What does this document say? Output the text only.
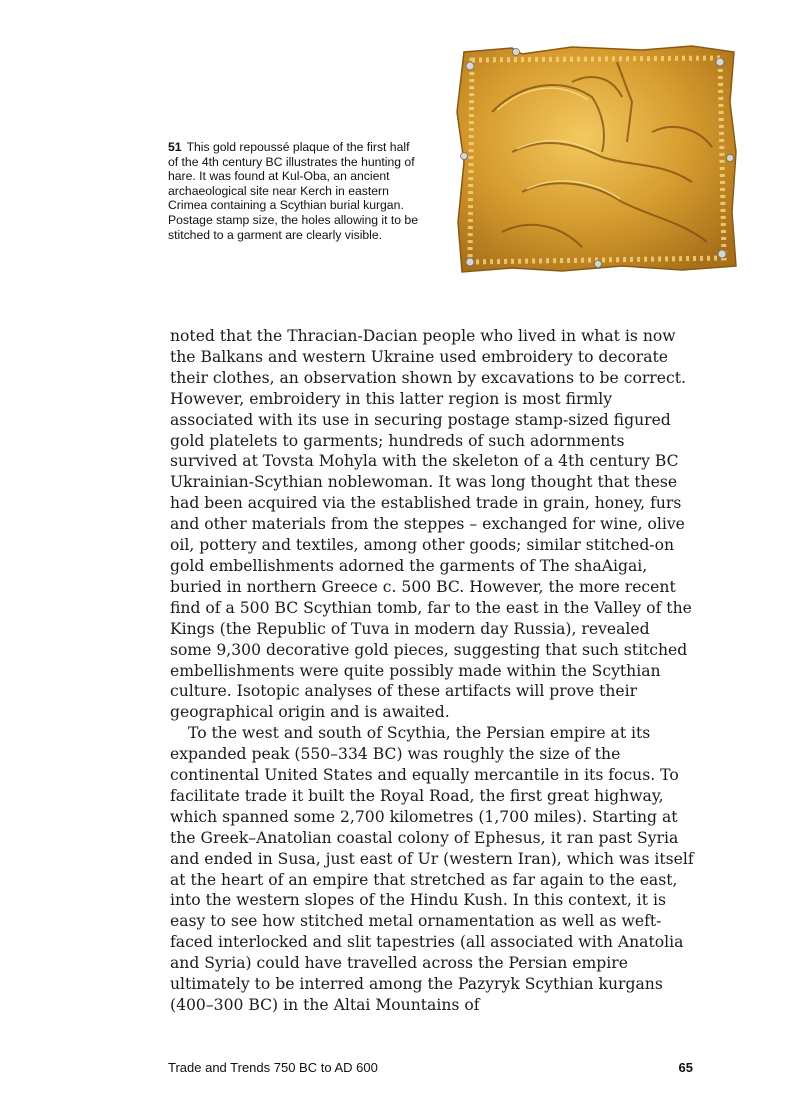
51 This gold repoussé plaque of the first half of the 4th century BC illustrates the hunting of hare. It was found at Kul-Oba, an ancient archaeological site near Kerch in eastern Crimea containing a Scythian burial kurgan. Postage stamp size, the holes allowing it to be stitched to a garment are clearly visible.

noted that the Thracian-Dacian people who lived in what is now the Balkans and western Ukraine used embroidery to decorate their clothes, an observation shown by excavations to be correct. However, embroidery in this latter region is most firmly associated with its use in securing postage stamp-sized figured gold platelets to garments; hundreds of such adornments survived at Tovsta Mohyla with the skeleton of a 4th century BC Ukrainian-Scythian noblewoman. It was long thought that these had been acquired via the established trade in grain, honey, furs and other materials from the steppes – exchanged for wine, olive oil, pottery and textiles, among other goods; similar stitched-on gold embellishments adorned the garments of The shaAigai, buried in northern Greece c. 500 BC. However, the more recent find of a 500 BC Scythian tomb, far to the east in the Valley of the Kings (the Republic of Tuva in modern day Russia), revealed some 9,300 decorative gold pieces, suggesting that such stitched embellishments were quite possibly made within the Scythian culture. Isotopic analyses of these artifacts will prove their geographical origin and is awaited.

To the west and south of Scythia, the Persian empire at its expanded peak (550–334 BC) was roughly the size of the continental United States and equally mercantile in its focus. To facilitate trade it built the Royal Road, the first great highway, which spanned some 2,700 kilometres (1,700 miles). Starting at the Greek–Anatolian coastal colony of Ephesus, it ran past Syria and ended in Susa, just east of Ur (western Iran), which was itself at the heart of an empire that stretched as far again to the east, into the western slopes of the Hindu Kush. In this context, it is easy to see how stitched metal ornamentation as well as weft-faced interlocked and slit tapestries (all associated with Anatolia and Syria) could have travelled across the Persian empire ultimately to be interred among the Pazyryk Scythian kurgans (400–300 BC) in the Altai Mountains of

Trade and Trends 750 BC to AD 600	65
